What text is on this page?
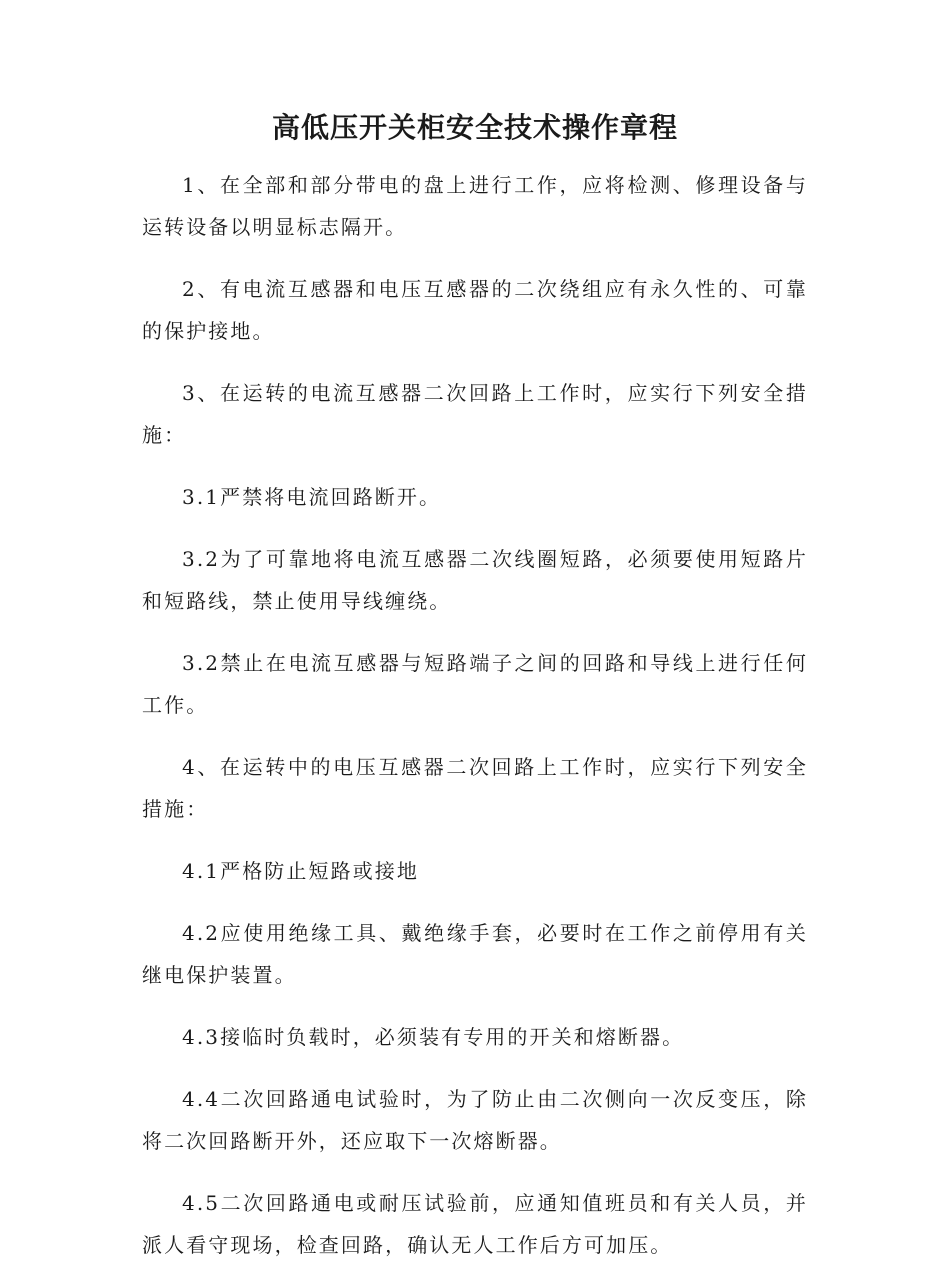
高低压开关柜安全技术操作章程

1、在全部和部分带电的盘上进行工作，应将检测、修理设备与运转设备以明显标志隔开。

2、有电流互感器和电压互感器的二次绕组应有永久性的、可靠的保护接地。

3、在运转的电流互感器二次回路上工作时，应实行下列安全措施：

3.1严禁将电流回路断开。

3.2为了可靠地将电流互感器二次线圈短路，必须要使用短路片和短路线，禁止使用导线缠绕。

3.2禁止在电流互感器与短路端子之间的回路和导线上进行任何工作。

4、在运转中的电压互感器二次回路上工作时，应实行下列安全措施：

4.1严格防止短路或接地

4.2应使用绝缘工具、戴绝缘手套，必要时在工作之前停用有关继电保护装置。

4.3接临时负载时，必须装有专用的开关和熔断器。

4.4二次回路通电试验时，为了防止由二次侧向一次反变压，除将二次回路断开外，还应取下一次熔断器。

4.5二次回路通电或耐压试验前，应通知值班员和有关人员，并派人看守现场，检查回路，确认无人工作后方可加压。
